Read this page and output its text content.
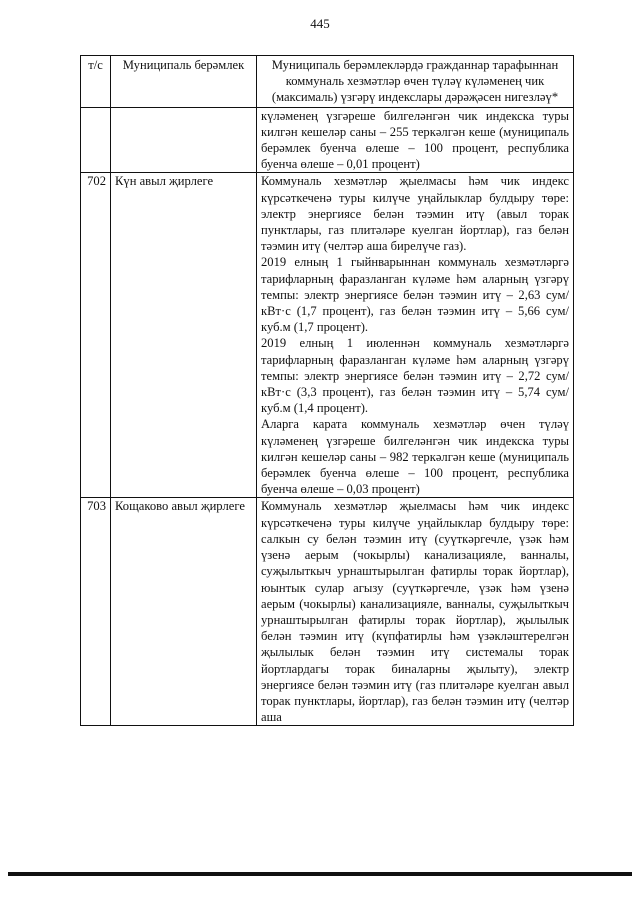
445
т/с	Муниципаль берәмлек	Муниципаль берәмлекләрдә гражданнар тарафыннан коммуналь хезмәтләр өчен түләү күләменең чик (максималь) үзгәрү индекслары дәрәҗәсен нигезләү*

		күләменең үзгәреше билгеләнгән чик индекска туры килгән кешеләр саны – 255 теркәлгән кеше (муниципаль берәмлек буенча өлеше – 100 процент, республика буенча өлеше – 0,01 процент)

702	Күн авыл җирлеге	Коммуналь хезмәтләр җыелмасы һәм чик индекс күрсәткеченә туры килүче уңайлыклар булдыру төре: электр энергиясе белән тәэмин итү (авыл торак пунктлары, газ плитәләре куелган йортлар), газ белән тәэмин итү (челтәр аша бирелүче газ).

2019 елның 1 гыйнварыннан коммуналь хезмәтләргә тарифларның фаразланган күләме һәм аларның үзгәрү темпы: электр энергиясе белән тәэмин итү – 2,63 сум/кВт·с (1,7 процент), газ белән тәэмин итү – 5,66 сум/куб.м (1,7 процент).

2019 елның 1 июленнән коммуналь хезмәтләргә тарифларның фаразланган күләме һәм аларның үзгәрү темпы: электр энергиясе белән тәэмин итү – 2,72 сум/кВт·с (3,3 процент), газ белән тәэмин итү – 5,74 сум/куб.м (1,4 процент).

Аларга карата коммуналь хезмәтләр өчен түләү күләменең үзгәреше билгеләнгән чик индекска туры килгән кешеләр саны – 982 теркәлгән кеше (муниципаль берәмлек буенча өлеше – 100 процент, республика буенча өлеше – 0,03 процент)

703	Кощаково авыл җирлеге	Коммуналь хезмәтләр җыелмасы һәм чик индекс күрсәткеченә туры килүче уңайлыклар булдыру төре: салкын су белән тәэмин итү (суүткәргечле, үзәк һәм үзенә аерым (чокырлы) канализацияле, ванналы, суҗылыткыч урнаштырылган фатирлы торак йортлар), юынтык сулар агызу (суүткәргечле, үзәк һәм үзенә аерым (чокырлы) канализацияле, ванналы, суҗылыткыч урнаштырылган фатирлы торак йортлар), җылылык белән тәэмин итү (күпфатирлы һәм үзәкләштерелгән җылылык белән тәэмин итү системалы торак йортлардагы торак биналарны җылыту), электр энергиясе белән тәэмин итү (газ плитәләре куелган авыл торак пунктлары, йортлар), газ белән тәэмин итү (челтәр аша
